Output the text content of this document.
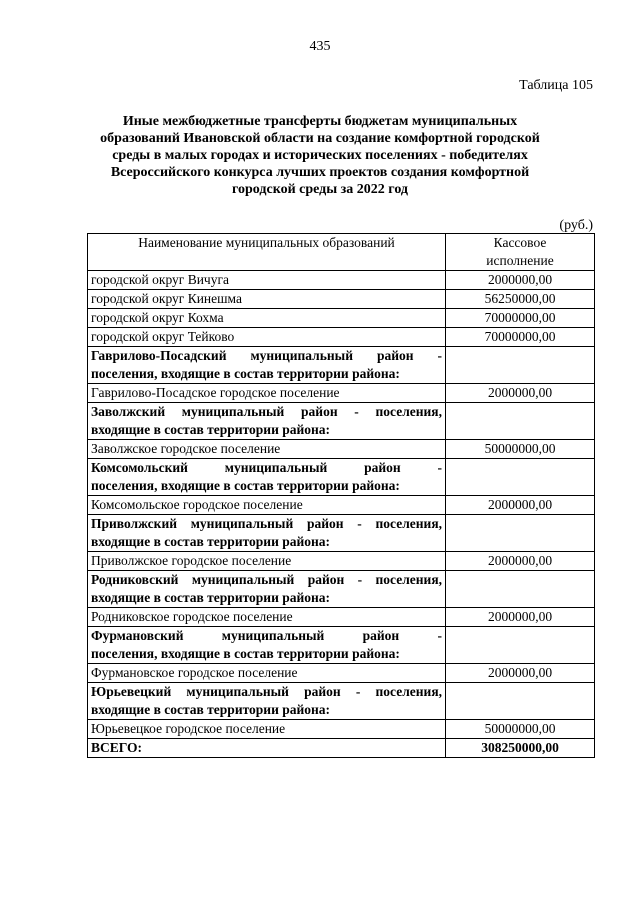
435
Таблица 105
Иные межбюджетные трансферты бюджетам муниципальных
образований Ивановской области на создание комфортной городской
среды в малых городах и исторических поселениях - победителях
Всероссийского конкурса лучших проектов создания комфортной
городской среды за 2022 год
(руб.)
Наименование муниципальных образований	Кассовое
исполнение

городской округ Вичуга	2000000,00
городской округ Кинешма	56250000,00
городской округ Кохма	70000000,00
городской округ Тейково	70000000,00
Гаврилово-Посадский муниципальный район -
поселения, входящие в состав территории района:	

Гаврилово-Посадское городское поселение	2000000,00
Заволжский муниципальный район - поселения,
входящие в состав территории района:	

Заволжское городское поселение	50000000,00
Комсомольский муниципальный район -
поселения, входящие в состав территории района:	

Комсомольское городское поселение	2000000,00
Приволжский муниципальный район - поселения,
входящие в состав территории района:	

Приволжское городское поселение	2000000,00
Родниковский муниципальный район - поселения,
входящие в состав территории района:	

Родниковское городское поселение	2000000,00
Фурмановский муниципальный район -
поселения, входящие в состав территории района:	

Фурмановское городское поселение	2000000,00
Юрьевецкий муниципальный район - поселения,
входящие в состав территории района:	

Юрьевецкое городское поселение	50000000,00
ВСЕГО:	308250000,00
